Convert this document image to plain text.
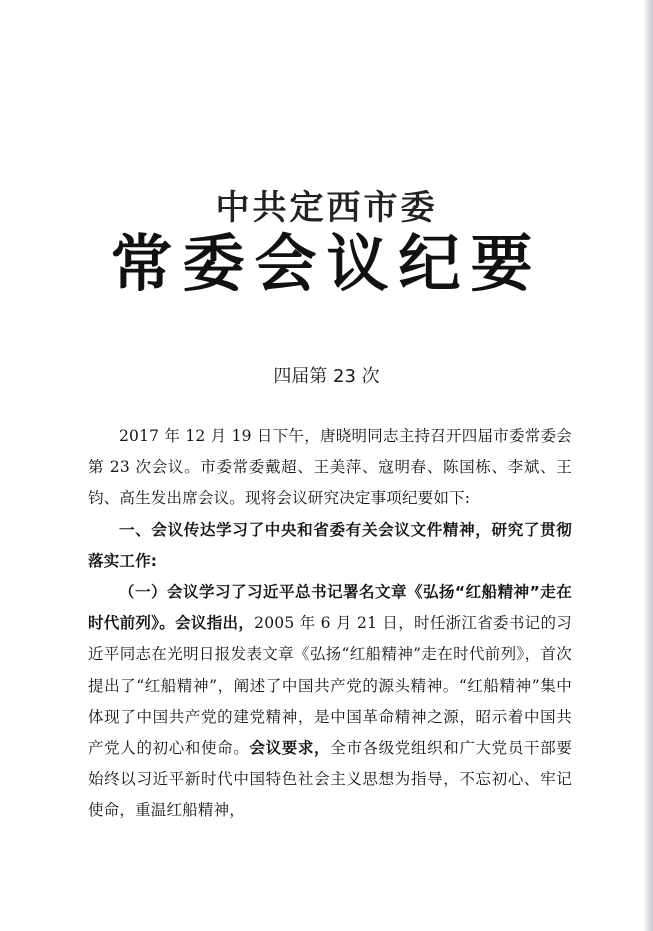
中共定西市委
常委会议纪要
四届第 23 次

2017 年 12 月 19 日下午，唐晓明同志主持召开四届市委常委会第 23 次会议。市委常委戴超、王美萍、寇明春、陈国栋、李斌、王钧、高生发出席会议。现将会议研究决定事项纪要如下:

一、会议传达学习了中央和省委有关会议文件精神，研究了贯彻落实工作:

（一）会议学习了习近平总书记署名文章《弘扬“红船精神”走在时代前列》。会议指出，2005 年 6 月 21 日，时任浙江省委书记的习近平同志在光明日报发表文章《弘扬“红船精神”走在时代前列》，首次提出了“红船精神”，阐述了中国共产党的源头精神。“红船精神”集中体现了中国共产党的建党精神，是中国革命精神之源，昭示着中国共产党人的初心和使命。会议要求，全市各级党组织和广大党员干部要始终以习近平新时代中国特色社会主义思想为指导，不忘初心、牢记使命，重温红船精神，
